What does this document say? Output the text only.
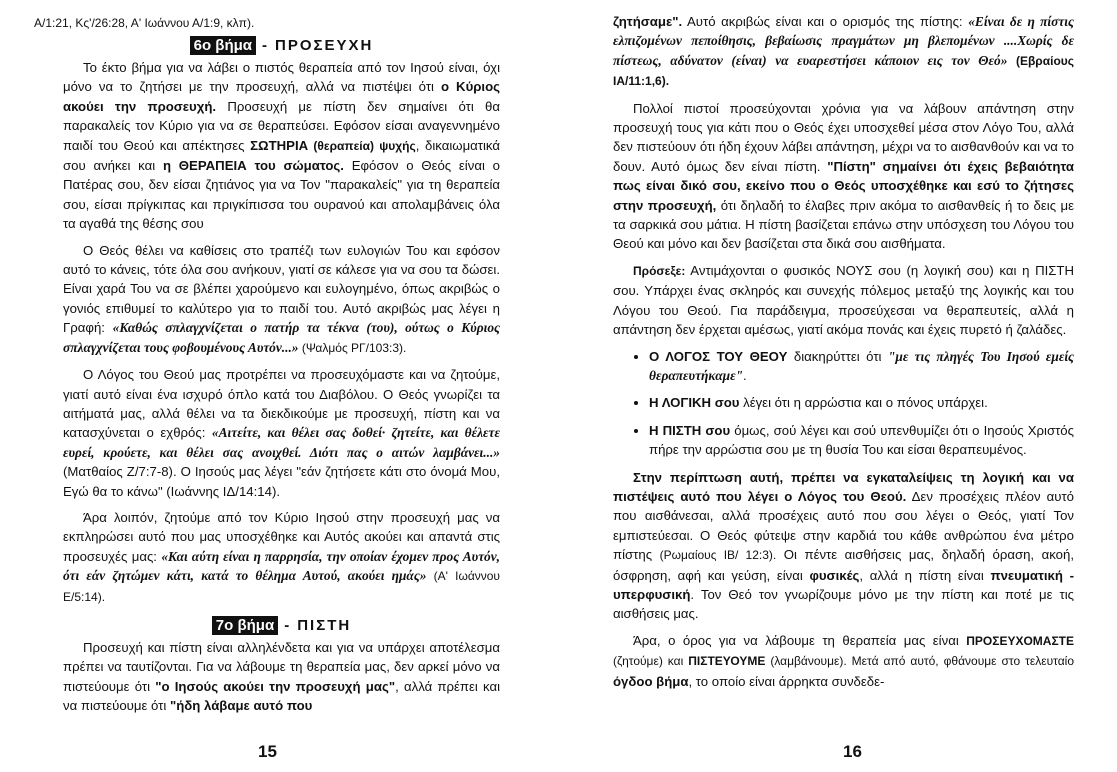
Α/1:21, Κς'/26:28, Α' Ιωάννου Α/1:9, κλπ).
6ο βήμα - ΠΡΟΣΕΥΧΗ

Το έκτο βήμα για να λάβει ο πιστός θεραπεία από τον Ιησού είναι, όχι μόνο να το ζητήσει με την προσευχή, αλλά να πιστέψει ότι ο Κύριος ακούει την προσευχή. Προσευχή με πίστη δεν σημαίνει ότι θα παρακαλείς τον Κύριο για να σε θεραπεύσει. Εφόσον είσαι αναγεννημένο παιδί του Θεού και απέκτησες ΣΩΤΗΡΙΑ (θεραπεία) ψυχής, δικαιωματικά σου ανήκει και η ΘΕΡΑΠΕΙΑ του σώματος. Εφόσον ο Θεός είναι ο Πατέρας σου, δεν είσαι ζητιάνος για να Τον "παρακαλείς" για τη θεραπεία σου, είσαι πρίγκιπας και πριγκίπισσα του ουρανού και απολαμβάνεις όλα τα αγαθά της θέσης σου

Ο Θεός θέλει να καθίσεις στο τραπέζι των ευλογιών Του και εφόσον αυτό το κάνεις, τότε όλα σου ανήκουν, γιατί σε κάλεσε για να σου τα δώσει. Είναι χαρά Του να σε βλέπει χαρούμενο και ευλογημένο, όπως ακριβώς ο γονιός επιθυμεί το καλύτερο για το παιδί του. Αυτό ακριβώς μας λέγει η Γραφή: «Καθώς σπλαγχνίζεται ο πατήρ τα τέκνα (του), ούτως ο Κύριος σπλαγχνίζεται τους φοβουμένους Αυτόν...» (Ψαλμός ΡΓ/103:3).

Ο Λόγος του Θεού μας προτρέπει να προσευχόμαστε και να ζητούμε, γιατί αυτό είναι ένα ισχυρό όπλο κατά του Διαβόλου. Ο Θεός γνωρίζει τα αιτήματά μας, αλλά θέλει να τα διεκδικούμε με προσευχή, πίστη και να κατασχύνεται ο εχθρός: «Αιτείτε, και θέλει σας δοθεί· ζητείτε, και θέλετε ευρεί, κρούετε, και θέλει σας ανοιχθεί. Διότι πας ο αιτών λαμβάνει...» (Ματθαίος Ζ/7:7-8). Ο Ιησούς μας λέγει "εάν ζητήσετε κάτι στο όνομά Μου, Εγώ θα το κάνω" (Ιωάννης ΙΔ/14:14).

Άρα λοιπόν, ζητούμε από τον Κύριο Ιησού στην προσευχή μας να εκπληρώσει αυτό που μας υποσχέθηκε και Αυτός ακούει και απαντά στις προσευχές μας: «Και αύτη είναι η παρρησία, την οποίαν έχομεν προς Αυτόν, ότι εάν ζητώμεν κάτι, κατά το θέλημα Αυτού, ακούει ημάς» (Α' Ιωάννου Ε/5:14).

7ο βήμα - ΠΙΣΤΗ

Προσευχή και πίστη είναι αλληλένδετα και για να υπάρχει αποτέλεσμα πρέπει να ταυτίζονται. Για να λάβουμε τη θεραπεία μας, δεν αρκεί μόνο να πιστεύουμε ότι "ο Ιησούς ακούει την προσευχή μας", αλλά πρέπει και να πιστεύουμε ότι "ήδη λάβαμε αυτό που

15

ζητήσαμε". Αυτό ακριβώς είναι και ο ορισμός της πίστης: «Είναι δε η πίστις ελπιζομένων πεποίθησις, βεβαίωσις πραγμάτων μη βλεπομένων ....Χωρίς δε πίστεως, αδύνατον (είναι) να ευαρεστήσει κάποιον εις τον Θεό» (Εβραίους ΙΑ/11:1,6).

Πολλοί πιστοί προσεύχονται χρόνια για να λάβουν απάντηση στην προσευχή τους για κάτι που ο Θεός έχει υποσχεθεί μέσα στον Λόγο Του, αλλά δεν πιστεύουν ότι ήδη έχουν λάβει απάντηση, μέχρι να το αισθανθούν και να το δουν. Αυτό όμως δεν είναι πίστη. "Πίστη" σημαίνει ότι έχεις βεβαιότητα πως είναι δικό σου, εκείνο που ο Θεός υποσχέθηκε και εσύ το ζήτησες στην προσευχή, ότι δηλαδή το έλαβες πριν ακόμα το αισθανθείς ή το δεις με τα σαρκικά σου μάτια. Η πίστη βασίζεται επάνω στην υπόσχεση του Λόγου του Θεού και μόνο και δεν βασίζεται στα δικά σου αισθήματα.

Πρόσεξε: Αντιμάχονται ο φυσικός ΝΟΥΣ σου (η λογική σου) και η ΠΙΣΤΗ σου. Υπάρχει ένας σκληρός και συνεχής πόλεμος μεταξύ της λογικής και του Λόγου του Θεού. Για παράδειγμα, προσεύχεσαι να θεραπευτείς, αλλά η απάντηση δεν έρχεται αμέσως, γιατί ακόμα πονάς και έχεις πυρετό ή ζαλάδες.

• Ο ΛΟΓΟΣ ΤΟΥ ΘΕΟΥ διακηρύττει ότι "με τις πληγές Του Ιησού εμείς θεραπευτήκαμε".
• Η ΛΟΓΙΚΗ σου λέγει ότι η αρρώστια και ο πόνος υπάρχει.
• Η ΠΙΣΤΗ σου όμως, σού λέγει και σού υπενθυμίζει ότι ο Ιησούς Χριστός πήρε την αρρώστια σου με τη θυσία Του και είσαι θεραπευμένος.

Στην περίπτωση αυτή, πρέπει να εγκαταλείψεις τη λογική και να πιστέψεις αυτό που λέγει ο Λόγος του Θεού. Δεν προσέχεις πλέον αυτό που αισθάνεσαι, αλλά προσέχεις αυτό που σου λέγει ο Θεός, γιατί Τον εμπιστεύεσαι. Ο Θεός φύτεψε στην καρδιά του κάθε ανθρώπου ένα μέτρο πίστης (Ρωμαίους ΙΒ/ 12:3). Οι πέντε αισθήσεις μας, δηλαδή όραση, ακοή, όσφρηση, αφή και γεύση, είναι φυσικές, αλλά η πίστη είναι πνευματική - υπερφυσική. Τον Θεό τον γνωρίζουμε μόνο με την πίστη και ποτέ με τις αισθήσεις μας.

Άρα, ο όρος για να λάβουμε τη θεραπεία μας είναι ΠΡΟΣΕΥΧΟΜΑΣΤΕ (ζητούμε) και ΠΙΣΤΕΥΟΥΜΕ (λαμβάνουμε). Μετά από αυτό, φθάνουμε στο τελευταίο όγδοο βήμα, το οποίο είναι άρρηκτα συνδεδε-

16
